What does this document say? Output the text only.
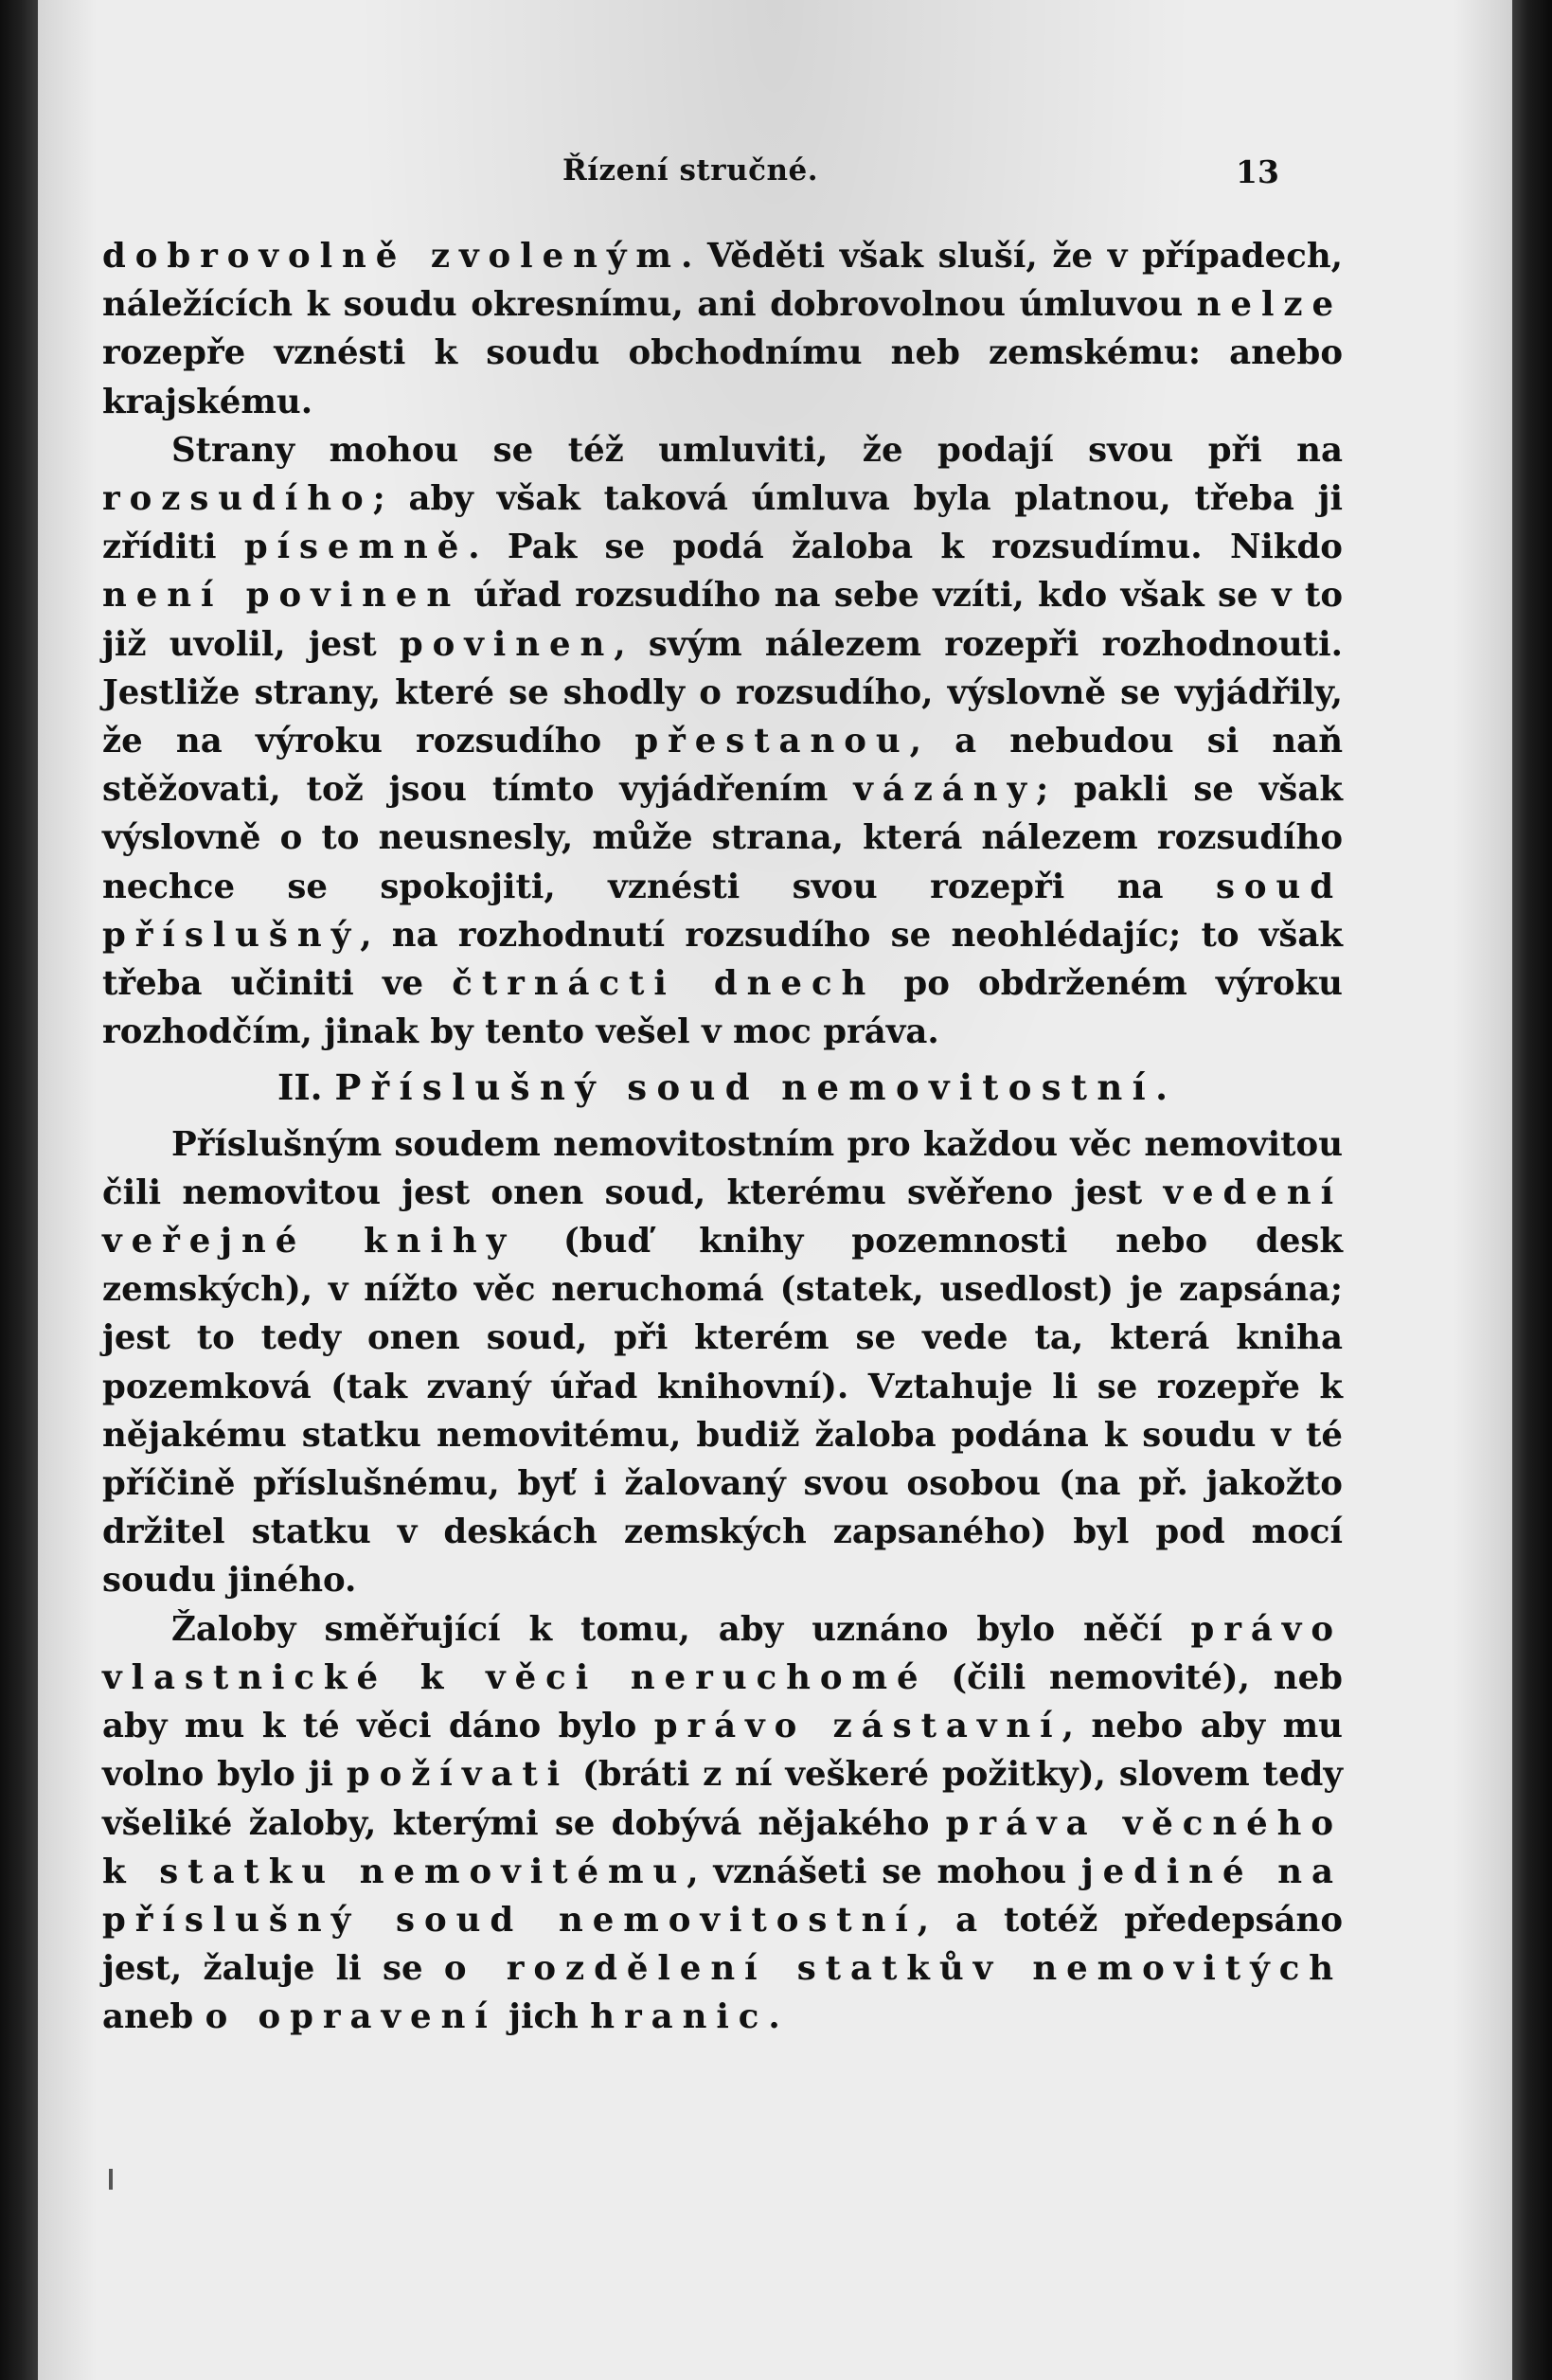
Řízení stručné.	13

dobrovolně zvoleným. Věděti však sluší, že v případech, náležících k soudu okresnímu, ani dobrovolnou úmluvou nelze rozepře vznésti k soudu obchodnímu neb zemskému: anebo krajskému.

Strany mohou se též umluviti, že podají svou při na rozsudího; aby však taková úmluva byla platnou, třeba ji zříditi písemně. Pak se podá žaloba k rozsudímu. Nikdo není povinen úřad rozsudího na sebe vzíti, kdo však se v to již uvolil, jest povinen, svým nálezem rozepři rozhodnouti. Jestliže strany, které se shodly o rozsudího, výslovně se vyjádřily, že na výroku rozsudího přestanou, a nebudou si naň stěžovati, tož jsou tímto vyjádřením vázány; pakli se však výslovně o to neusnesly, může strana, která nálezem rozsudího nechce se spokojiti, vznésti svou rozepři na soud příslušný, na rozhodnutí rozsudího se neohlédajíc; to však třeba učiniti ve čtrnácti dnech po obdrženém výroku rozhodčím, jinak by tento vešel v moc práva.

II. Příslušný soud nemovitostní.

Příslušným soudem nemovitostním pro každou věc nemovitou čili nemovitou jest onen soud, kterému svěřeno jest vedení veřejné knihy (buď knihy pozemnosti nebo desk zemských), v nížto věc neruchomá (statek, usedlost) je zapsána; jest to tedy onen soud, při kterém se vede ta, která kniha pozemková (tak zvaný úřad knihovní). Vztahuje li se rozepře k nějakému statku nemovitému, budiž žaloba podána k soudu v té příčině příslušnému, byť i žalovaný svou osobou (na př. jakožto držitel statku v deskách zemských zapsaného) byl pod mocí soudu jiného.

Žaloby směřující k tomu, aby uznáno bylo něčí právo vlastnické k věci neruchomé (čili nemovité), neb aby mu k té věci dáno bylo právo zástavní, nebo aby mu volno bylo ji požívati (bráti z ní veškeré požitky), slovem tedy všeliké žaloby, kterými se dobývá nějakého práva věcného k statku nemovitému, vznášeti se mohou jediné na příslušný soud nemovitostní, a totéž předepsáno jest, žaluje li se o rozdělení statkův nemovitých aneb o opravení jich hranic.
